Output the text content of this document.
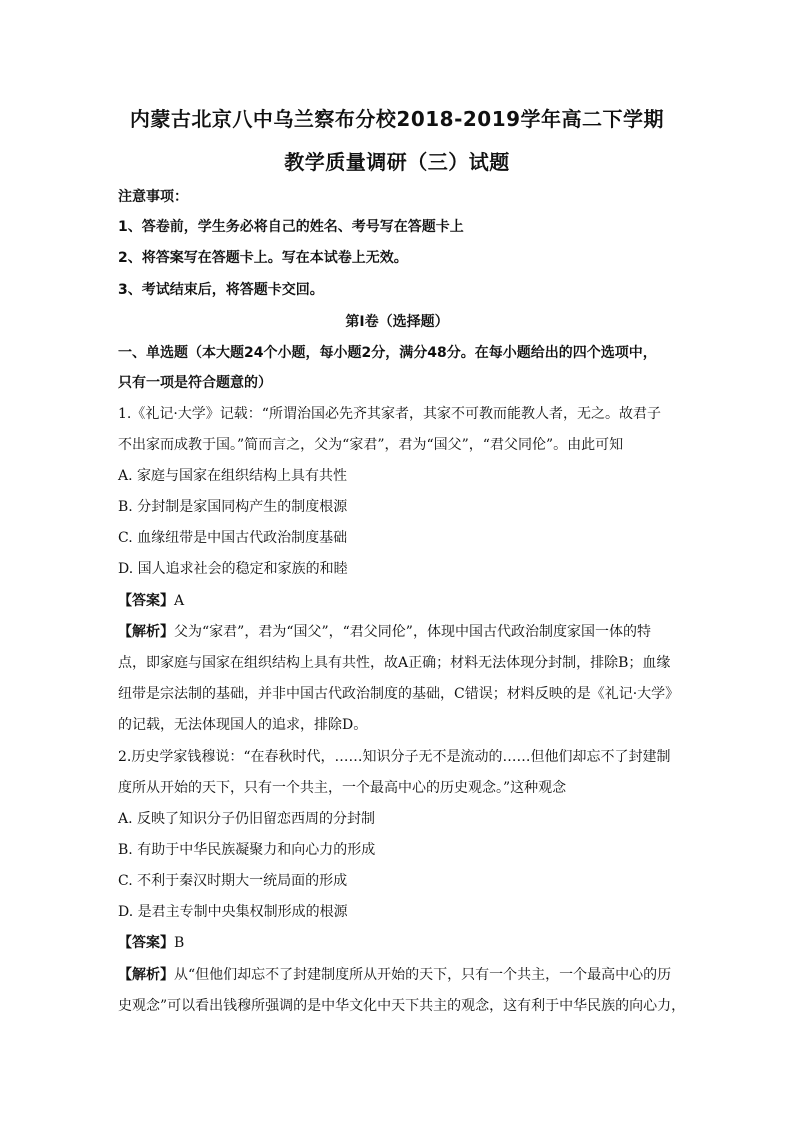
内蒙古北京八中乌兰察布分校2018-2019学年高二下学期
教学质量调研（三）试题
注意事项：
1、答卷前，学生务必将自己的姓名、考号写在答题卡上
2、将答案写在答题卡上。写在本试卷上无效。
3、考试结束后，将答题卡交回。
第Ⅰ卷（选择题）
一、单选题（本大题24个小题，每小题2分，满分48分。在每小题给出的四个选项中，
只有一项是符合题意的）
1.《礼记·大学》记载：“所谓治国必先齐其家者，其家不可教而能教人者，无之。故君子
不出家而成教于国。”简而言之，父为“家君”，君为“国父”，“君父同伦”。由此可知
A. 家庭与国家在组织结构上具有共性
B. 分封制是家国同构产生的制度根源
C. 血缘纽带是中国古代政治制度基础
D. 国人追求社会的稳定和家族的和睦
【答案】A
【解析】父为“家君”，君为“国父”，“君父同伦”，体现中国古代政治制度家国一体的特
点，即家庭与国家在组织结构上具有共性，故A正确；材料无法体现分封制，排除B；血缘
纽带是宗法制的基础，并非中国古代政治制度的基础，C错误；材料反映的是《礼记·大学》
的记载，无法体现国人的追求，排除D。
2.历史学家钱穆说：“在春秋时代，……知识分子无不是流动的……但他们却忘不了封建制
度所从开始的天下，只有一个共主，一个最高中心的历史观念。”这种观念
A. 反映了知识分子仍旧留恋西周的分封制
B. 有助于中华民族凝聚力和向心力的形成
C. 不利于秦汉时期大一统局面的形成
D. 是君主专制中央集权制形成的根源
【答案】B
【解析】从“但他们却忘不了封建制度所从开始的天下，只有一个共主，一个最高中心的历
史观念”可以看出钱穆所强调的是中华文化中天下共主的观念，这有利于中华民族的向心力，
